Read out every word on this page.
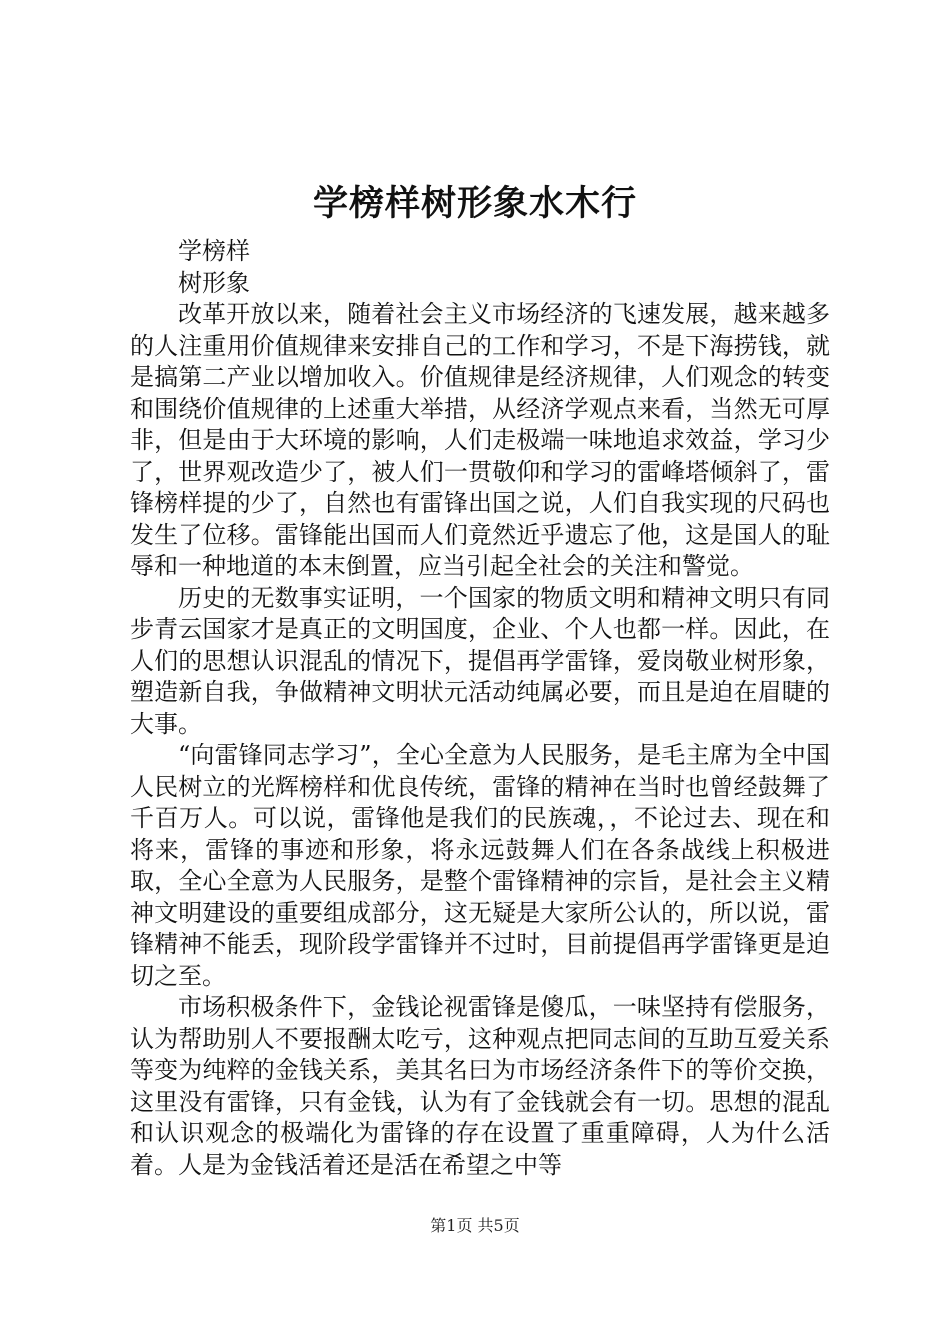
学榜样树形象水木行

学榜样

树形象

改革开放以来，随着社会主义市场经济的飞速发展，越来越多的人注重用价值规律来安排自己的工作和学习，不是下海捞钱，就是搞第二产业以增加收入。价值规律是经济规律，人们观念的转变和围绕价值规律的上述重大举措，从经济学观点来看，当然无可厚非，但是由于大环境的影响，人们走极端一味地追求效益，学习少了，世界观改造少了，被人们一贯敬仰和学习的雷峰塔倾斜了，雷锋榜样提的少了，自然也有雷锋出国之说，人们自我实现的尺码也发生了位移。雷锋能出国而人们竟然近乎遗忘了他，这是国人的耻辱和一种地道的本末倒置，应当引起全社会的关注和警觉。

历史的无数事实证明，一个国家的物质文明和精神文明只有同步青云国家才是真正的文明国度，企业、个人也都一样。因此，在人们的思想认识混乱的情况下，提倡再学雷锋，爱岗敬业树形象，塑造新自我，争做精神文明状元活动纯属必要，而且是迫在眉睫的大事。

“向雷锋同志学习”，全心全意为人民服务，是毛主席为全中国人民树立的光辉榜样和优良传统，雷锋的精神在当时也曾经鼓舞了千百万人。可以说，雷锋他是我们的民族魂，，不论过去、现在和将来，雷锋的事迹和形象，将永远鼓舞人们在各条战线上积极进取，全心全意为人民服务，是整个雷锋精神的宗旨，是社会主义精神文明建设的重要组成部分，这无疑是大家所公认的，所以说，雷锋精神不能丢，现阶段学雷锋并不过时，目前提倡再学雷锋更是迫切之至。

市场积极条件下，金钱论视雷锋是傻瓜，一味坚持有偿服务，认为帮助别人不要报酬太吃亏，这种观点把同志间的互助互爱关系等变为纯粹的金钱关系，美其名曰为市场经济条件下的等价交换，这里没有雷锋，只有金钱，认为有了金钱就会有一切。思想的混乱和认识观念的极端化为雷锋的存在设置了重重障碍，人为什么活着。人是为金钱活着还是活在希望之中等

第1页 共5页
